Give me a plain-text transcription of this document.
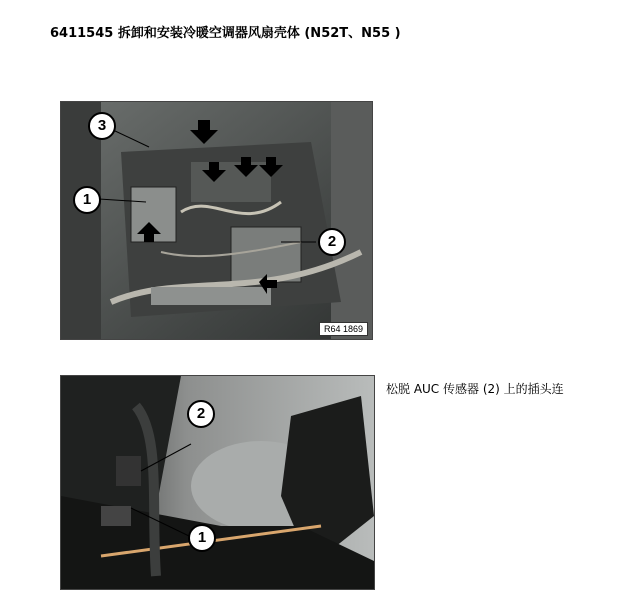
6411545 拆卸和安装冷暖空调器风扇壳体 (N52T、N55 )
3
1
2
R64 1869
2
1
松脱 AUC 传感器 (2) 上的插头连
